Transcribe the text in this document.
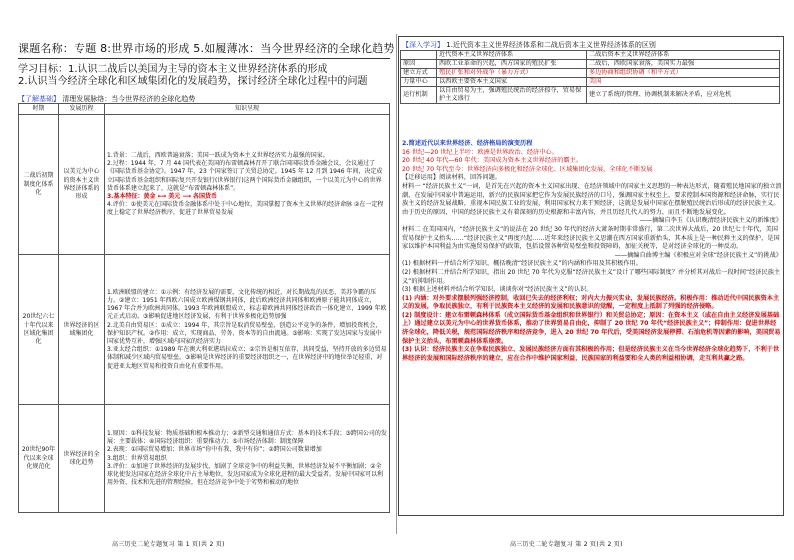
课题名称：专题 8:世界市场的形成 5.如履薄冰：当今世界经济的全球化趋势
学习目标：1.认识二战后以美国为主导的资本主义世界经济体系的形成
2.认识当今经济全球化和区域集团化的发展趋势，探讨经济全球化过程中的问题
【了解基础】 清理发展脉络：当今世界经济的全球化趋势
时期	发展历程	知识呈现
二战后初期制度化体系化	以美元为中心的资本主义世界经济体系的形成	1.背景：二战后，西欧普遍衰落；美国一跃成为资本主义世界经济实力最强的国家。
2.过程：1944 年，7 月 44 国代表在美国的布雷顿森林召开了联合国国际货币金融会议，会议通过了《国际货币基金协定》。1947 年，23 个国家签订了关贸总协定。1945 年 12 月到 1946 年间，决定成立国际货币基金组织和国际复兴开发银行(世界银行)这两个国际货币金融组织，一个以美元为中心的世界货币体系建立起来了，这就是“布雷顿森林体系”。
3.基本特征：黄金 ⟷ 美元 ⟶ 各国货币
4.评价：①使美元在国际货币金融体系中处于中心地位，美国掌握了资本主义世界的经济命脉 ②在一定程度上稳定了世界经济秩序，促进了世界贸易发展

20世纪六七十年代以来区域化集团化	世界经济的区域集团化	1.欧洲联盟的建立：①示例：有经济发展的需要，文化传统的相近，对长期战乱的厌恶，美苏争霸的压力。②建立：1951 年西欧六国成立欧洲煤钢共同体，此后欧洲经济共同体和欧洲原子能共同体成立，1967 年合并为欧洲共同体。1993 年欧洲联盟成立，标志着欧洲共同体经济政治一体化建立，1999 年欧元正式启动。③影响促进地区经济发展，有利于世界多极化趋势加强
2.北美自由贸易区：①成立：1994 年，其宗旨是取消贸易壁垒，创造公平竞争的条件，增加投资机会，保护知识产权。②作用：成立，实现商品、劳务、资本等的自由流通。③影响：实现了发达国家与发展中国家优势互补，增强区域内国家的经济实力
3.亚太经合组织：①1989 年在澳大利亚堪培拉成立；②宗旨是相互依存，共同受益，坚持开放的多边贸易体制和减少区域内贸易壁垒。③影响是世界经济的重要经济组织之一，在世界经济中的地位举足轻重，对促进亚太地区贸易和投资自由化有重要作用。

20世纪90年代以来全球化规范化	世界经济的全球化趋势	1.原因：①科技发展：物质基础和根本推动力；②新型交通和通信方式：基本的技术手段；③跨国公司的发展：主要载体；④国际经济组织：重要推动力；⑤市场经济体制：制度保障
2.表现：①国际贸易增加；世界市场“你中有我、我中有你”；②跨国公司数量增加
3.组织：世界贸易组织
3.评价：①加速了世界经济的发展步伐，加剧了全球竞争中的利益失衡，世界经济发展不平衡加剧；②全球化使发达国家在经济全球化中占主导地位，发达国家成为全球化进程的最大受益者。发展中国家可以利用外资、技术和先进的管理经验，但在经济竞争中处于劣势和被动的地位
高三历史二轮专题复习 第 1 页(共 2 页)
【深入学习】 1.近代资本主义世界经济体系和二战后资本主义世界经济体系的区别
	近代资本主义世界经济体系	二战后资本主义世界经济体系
原因	西欧工业革命的兴起，西方国家的殖民扩张	二战后，西欧国家衰落，美国实力最强
建立方式	殖民扩张和对外战争（暴力方式）	多边协商和组织协调（和平方式）
力量中心	以西欧主要资本主义国家	美国
运行机制	以自由贸易为主，强调殖民统治的经济掠夺，贸易保护主义盛行	建立了系统的管理、协调机制来解决矛盾，应对危机
2.简述近代以来世界经济、经济格局的演变历程
16 世纪—20 世纪上半叶：欧洲是世界政治、经济中心。
20 世纪 40 年代—60 年代：美国成为资本主义世界经济的霸主。
20 世纪 70 年代至今：世界经济向多极化和经济全球化、区域集团化发展，全球化不断发展
【迁移运用】阅读材料，回答问题。
材料一 “经济民族主义”一词，是首先在兴起的资本主义国家出现、在经济领域中的国家主义思想的一种表达形式，随着殖民地国家的独立浪潮，在发展中国家中普遍运用，新兴的民族国家把它作为发展民族经济的口号，强调国家主权至上，要求控制本国资源和经济命脉，实行民族主义的经济发展战略，重视本国民族工业的发展，利用国家权力来干预经济，这就是发展中国家在摆脱殖民统治后形成的经济民族主义。由于历史的原因，中国的经济民族主义有着深刻的历史根源和丰富内容，并且历经几代人的努力，而且不断地发展变化。
——摘编自李玉《认识晚清经济民族主义的新维度》
材料二 在美国国内，“经济民族主义”的说法在 20 世纪 30 年代的经济大萧条时期非常盛行，第二次世界大战后，20 世纪七十年代，美国贸易保护主义抬头……“经济民族主义”再度兴起……近年来经济民族主义思潮在西方国家重新抬头，其本质上是一种民粹主义的保护，是国家以维护本国利益为由实施贸易保护的政策，包括设置各种贸易壁垒和投资障碍，加征关税等，是对经济全球化的一种反动。
——摘编自曲博主编《积极应对全球“经济民族主义”的挑战》
(1) 根据材料一并结合所学知识，概括晚清“经济民族主义”的内涵和作用及其积极作用。
(2) 根据材料二并结合所学知识，指出 20 世纪 70 年代为克服“经济民族主义”设计了哪些国际制度？并分析其对战后一段时间“经济民族主义”的抑制作用。
(3) 根据上述材料并结合所学知识，谈谈你对“经济民族主义”的认识。
(1) 内涵：对外要求摆脱列强经济控制，收回已失去的经济利权；对内大力振兴实业，发展民族经济。积极作用：推动近代中国民族资本主义的发展，争取民族独立，有利于民族资本主义经济的发展和民族意识的觉醒，一定程度上抵制了列强的经济侵略。
(2) 制度设计：建立布雷顿森林体系（成立国际货币基金组织和世界银行）和关贸总协定；原因：在资本主义（或在自由主义经济发展基础上）通过建立以美元为中心的世界货币体系，推动了世界贸易自由化，抑制了 20 世纪 70 年代“经济民族主义”；抑制作用：促进世界经济全球化，降低关税，规范国际经济秩序和经济竞争，进入 20 世纪 70 年代后，受美国经济发展停滞、石油危机等因素的影响，美国贸易保护主义抬头，布雷顿森林体系崩溃。
(3) 认识：经济民族主义在争取民族独立、发展民族经济方面有其积极的作用；但是经济民族主义在当今世界经济全球化趋势下，不利于世界经济的发展和国际经济秩序的建立，应在合作中维护国家利益，民族国家的利益要和全人类的利益相协调，走互利共赢之路。
高三历史二轮专题复习 第 2 页(共 2 页)
